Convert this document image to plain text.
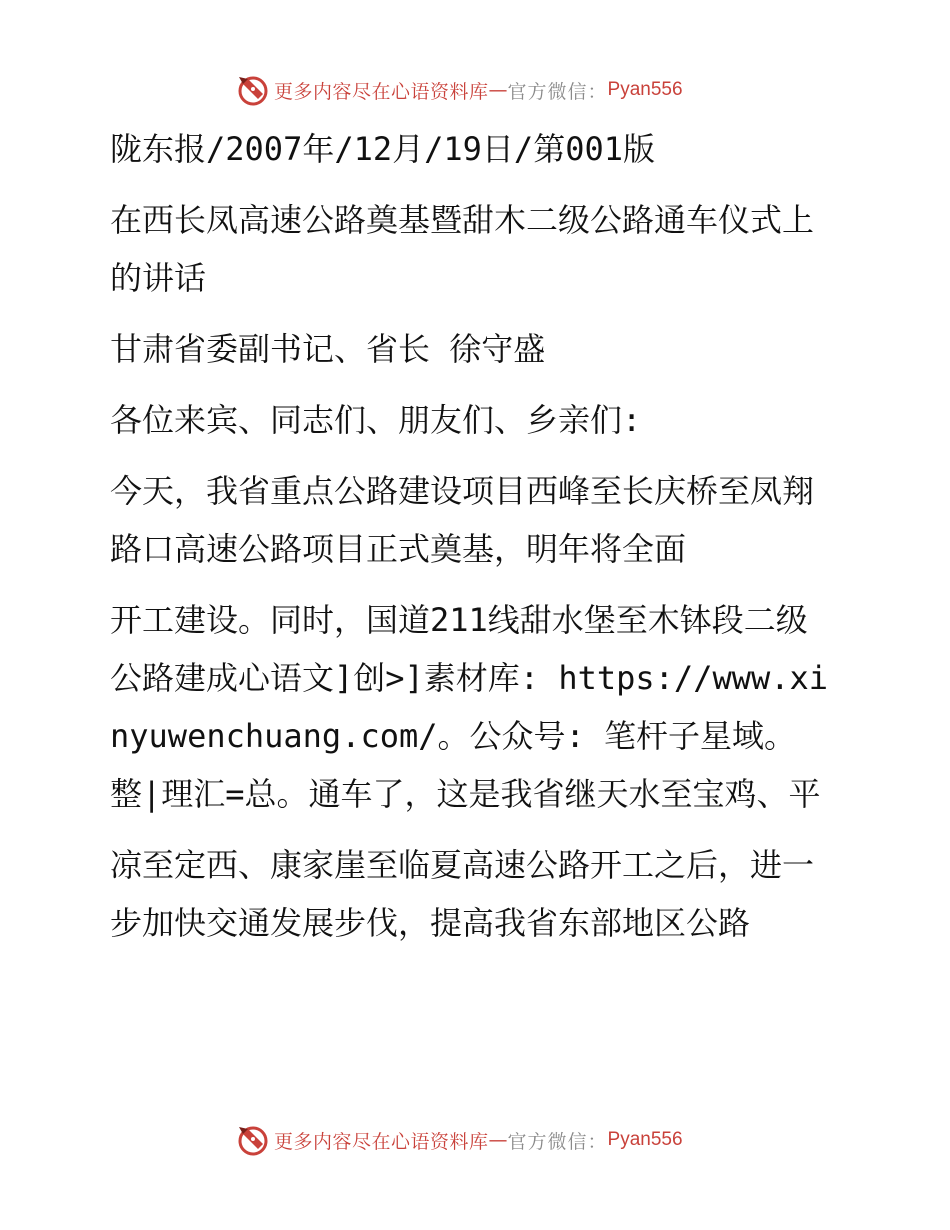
更多内容尽在心语资料库 — 官方微信： Pyan556

陇东报/2007年/12月/19日/第001版

在西长凤高速公路奠基暨甜木二级公路通车仪式上的讲话

甘肃省委副书记、省长 徐守盛

各位来宾、同志们、朋友们、乡亲们:

今天，我省重点公路建设项目西峰至长庆桥至凤翔路口高速公路项目正式奠基，明年将全面

开工建设。同时，国道211线甜水堡至木钵段二级公路建成心语文]创>]素材库: https://www.xinyuwenchuang.com/。公众号: 笔杆子星域。整|理汇=总。通车了，这是我省继天水至宝鸡、平

凉至定西、康家崖至临夏高速公路开工之后，进一步加快交通发展步伐，提高我省东部地区公路

更多内容尽在心语资料库 — 官方微信： Pyan556
